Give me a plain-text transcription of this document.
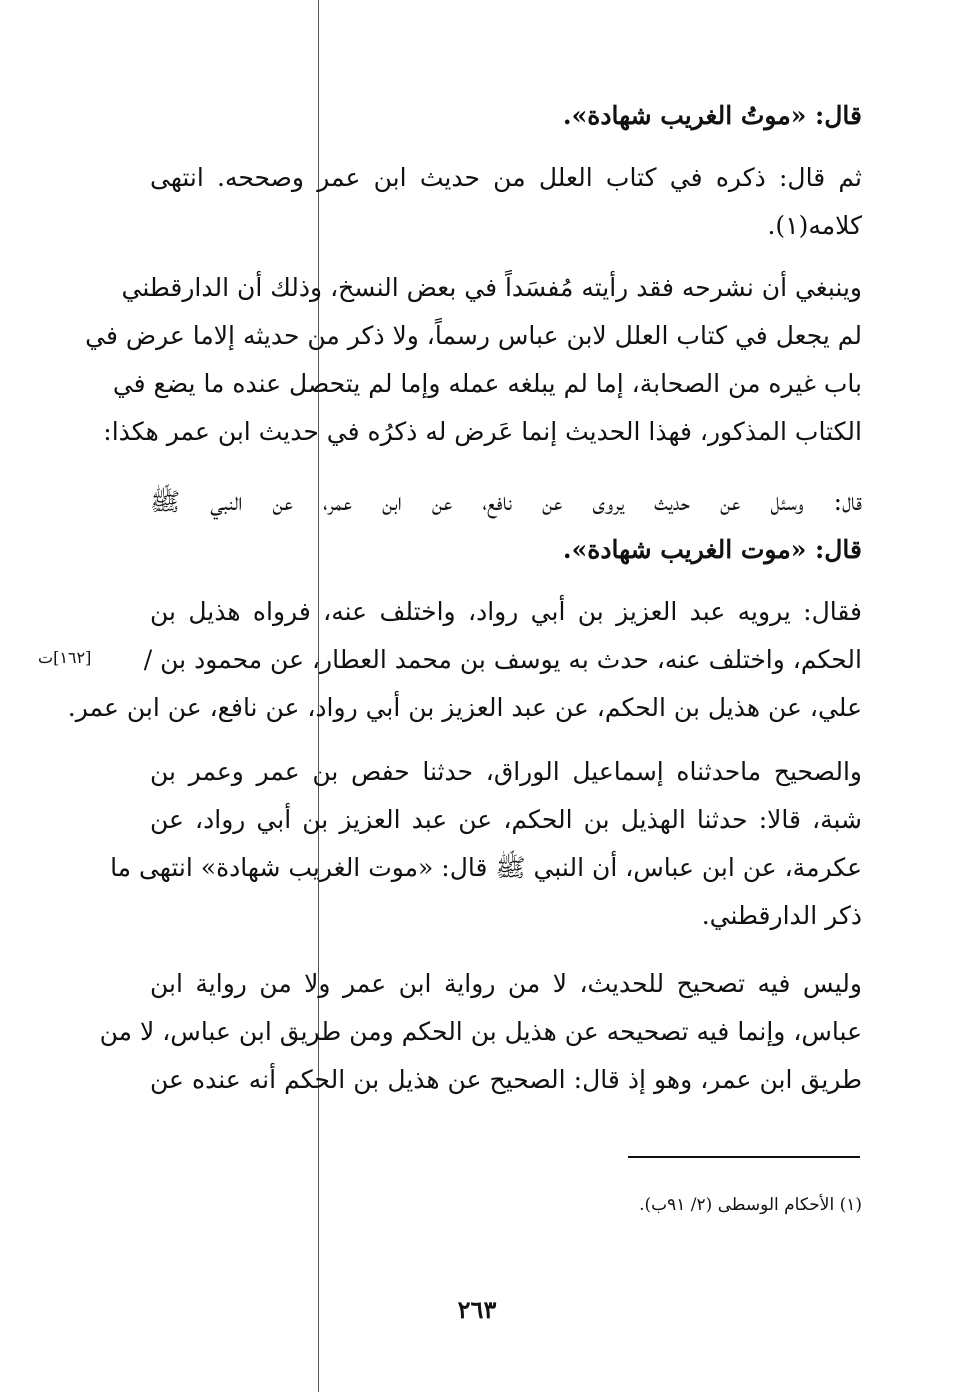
قال: «موتُ الغريب شهادة».
ثم قال: ذكره في كتاب العلل من حديث ابن عمر وصححه. انتهى
كلامه(١).
وينبغي أن نشرحه فقد رأيته مُفسَداً في بعض النسخ، وذلك أن الدارقطني
لم يجعل في كتاب العلل لابن عباس رسماً، ولا ذكر من حديثه إلاما عرض في
باب غيره من الصحابة، إما لم يبلغه عمله وإما لم يتحصل عنده ما يضع في
الكتاب المذكور، فهذا الحديث إنما عَرض له ذكرُه في حديث ابن عمر هكذا:
قال: وسئل عن حديث يروى عن نافع، عن ابن عمر، عن النبي ﷺ
قال: «موت الغريب شهادة».
فقال: يرويه عبد العزيز بن أبي رواد، واختلف عنه، فرواه هذيل بن
الحكم، واختلف عنه، حدث به يوسف بن محمد العطار، عن محمود بن /
علي، عن هذيل بن الحكم، عن عبد العزيز بن أبي رواد، عن نافع، عن ابن عمر.
والصحيح ماحدثناه إسماعيل الوراق، حدثنا حفص بن عمر وعمر بن
شبة، قالا: حدثنا الهذيل بن الحكم، عن عبد العزيز بن أبي رواد، عن
عكرمة، عن ابن عباس، أن النبي ﷺ قال: «موت الغريب شهادة» انتهى ما
ذكر الدارقطني.
وليس فيه تصحيح للحديث، لا من رواية ابن عمر ولا من رواية ابن
عباس، وإنما فيه تصحيحه عن هذيل بن الحكم ومن طريق ابن عباس، لا من
طريق ابن عمر، وهو إذ قال: الصحيح عن هذيل بن الحكم أنه عنده عن
[١٦٢]ت
(١) الأحكام الوسطى (٢/ ٩١ب).
٢٦٣
